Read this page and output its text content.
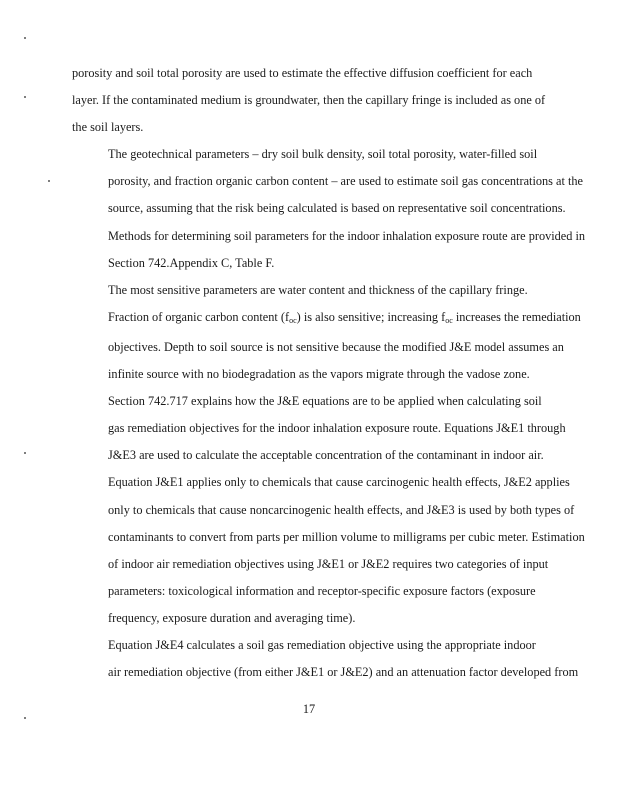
porosity and soil total porosity are used to estimate the effective diffusion coefficient for each
layer. If the contaminated medium is groundwater, then the capillary fringe is included as one of
the soil layers.

The geotechnical parameters – dry soil bulk density, soil total porosity, water-filled soil
porosity, and fraction organic carbon content – are used to estimate soil gas concentrations at the
source, assuming that the risk being calculated is based on representative soil concentrations.
Methods for determining soil parameters for the indoor inhalation exposure route are provided in
Section 742.Appendix C, Table F.

The most sensitive parameters are water content and thickness of the capillary fringe.
Fraction of organic carbon content $(f_{oc})$ is also sensitive; increasing $f_{oc}$ increases the remediation
objectives. Depth to soil source is not sensitive because the modified J&E model assumes an
infinite source with no biodegradation as the vapors migrate through the vadose zone.

Section 742.717 explains how the J&E equations are to be applied when calculating soil
gas remediation objectives for the indoor inhalation exposure route. Equations J&E1 through
J&E3 are used to calculate the acceptable concentration of the contaminant in indoor air.
Equation J&E1 applies only to chemicals that cause carcinogenic health effects, J&E2 applies
only to chemicals that cause noncarcinogenic health effects, and J&E3 is used by both types of
contaminants to convert from parts per million volume to milligrams per cubic meter. Estimation
of indoor air remediation objectives using J&E1 or J&E2 requires two categories of input
parameters: toxicological information and receptor-specific exposure factors (exposure
frequency, exposure duration and averaging time).

Equation J&E4 calculates a soil gas remediation objective using the appropriate indoor
air remediation objective (from either J&E1 or J&E2) and an attenuation factor developed from

17
